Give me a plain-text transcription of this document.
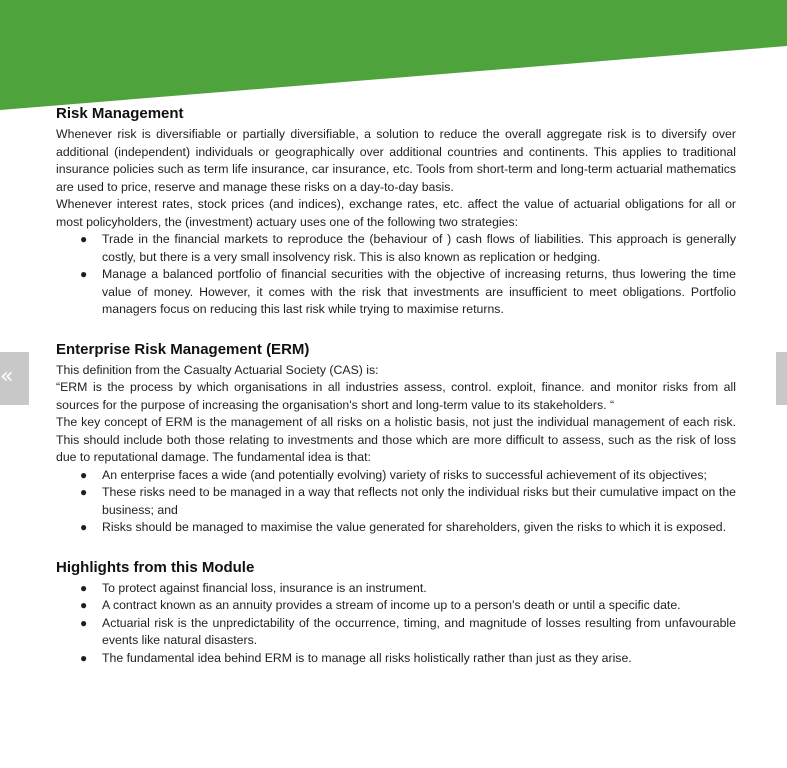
Risk Management

Whenever risk is diversifiable or partially diversifiable, a solution to reduce the overall aggregate risk is to diversify over additional (independent) individuals or geographically over additional countries and continents. This applies to traditional insurance policies such as term life insurance, car insurance, etc. Tools from short-term and long-term actuarial mathematics are used to price, reserve and manage these risks on a day-to-day basis.

Whenever interest rates, stock prices (and indices), exchange rates, etc. affect the value of actuarial obligations for all or most policyholders, the (investment) actuary uses one of the following two strategies:

● Trade in the financial markets to reproduce the (behaviour of ) cash flows of liabilities. This approach is generally costly, but there is a very small insolvency risk. This is also known as replication or hedging.
● Manage a balanced portfolio of financial securities with the objective of increasing returns, thus lowering the time value of money. However, it comes with the risk that investments are insufficient to meet obligations. Portfolio managers focus on reducing this last risk while trying to maximise returns.
Enterprise Risk Management (ERM)

This definition from the Casualty Actuarial Society (CAS) is:

“ERM is the process by which organisations in all industries assess, control. exploit, finance. and monitor risks from all sources for the purpose of increasing the organisation's short and long-term value to its stakeholders. “

The key concept of ERM is the management of all risks on a holistic basis, not just the individual management of each risk. This should include both those relating to investments and those which are more difficult to assess, such as the risk of loss due to reputational damage. The fundamental idea is that:

● An enterprise faces a wide (and potentially evolving) variety of risks to successful achievement of its objectives;
● These risks need to be managed in a way that reflects not only the individual risks but their cumulative impact on the business; and
● Risks should be managed to maximise the value generated for shareholders, given the risks to which it is exposed.
Highlights from this Module
● To protect against financial loss, insurance is an instrument.
● A contract known as an annuity provides a stream of income up to a person's death or until a specific date.
● Actuarial risk is the unpredictability of the occurrence, timing, and magnitude of losses resulting from unfavourable events like natural disasters.
● The fundamental idea behind ERM is to manage all risks holistically rather than just as they arise.
«
